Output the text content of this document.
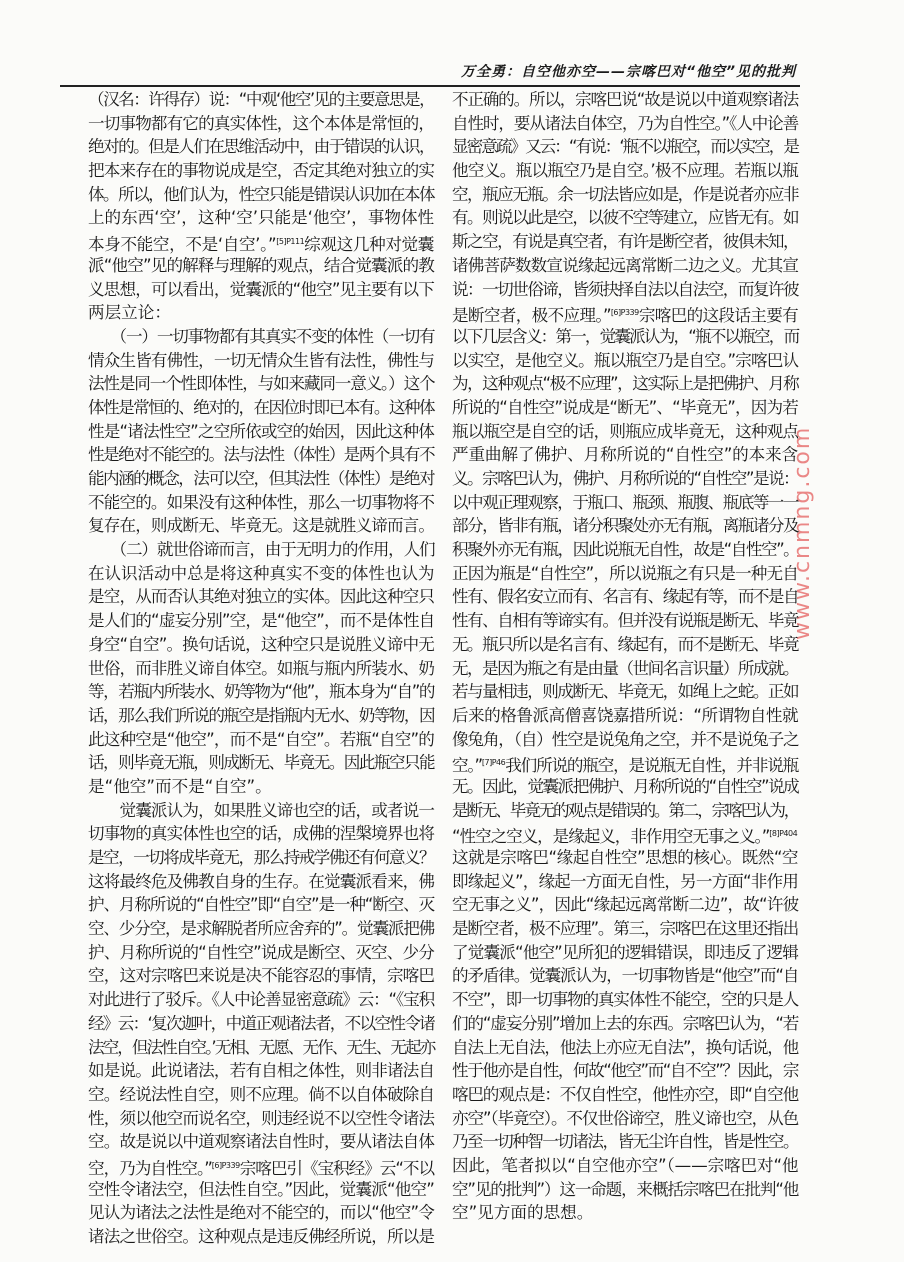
万全勇：自空他亦空——宗喀巴对“他空”见的批判
www.cnmng.com
（汉名：许得存）说：“中观‘他空’见的主要意思是，
一切事物都有它的真实体性，这个本体是常恒的，
绝对的。但是人们在思维活动中，由于错误的认识，
把本来存在的事物说成是空，否定其绝对独立的实
体。所以，他们认为，性空只能是错误认识加在本体
上的东西‘空’，这种‘空’只能是‘他空’，事物体性
本身不能空，不是‘自空’。”$^{[5]P111}$综观这几种对觉囊
派“他空”见的解释与理解的观点，结合觉囊派的教
义思想，可以看出，觉囊派的“他空”见主要有以下
两层立论：
　　（一）一切事物都有其真实不变的体性（一切有
情众生皆有佛性，一切无情众生皆有法性，佛性与
法性是同一个性即体性，与如来藏同一意义。）这个
体性是常恒的、绝对的，在因位时即已本有。这种体
性是“诸法性空”之空所依或空的始因，因此这种体
性是绝对不能空的。法与法性（体性）是两个具有不
能内涵的概念，法可以空，但其法性（体性）是绝对
不能空的。如果没有这种体性，那么一切事物将不
复存在，则成断无、毕竟无。这是就胜义谛而言。
　　（二）就世俗谛而言，由于无明力的作用，人们
在认识活动中总是将这种真实不变的体性也认为
是空，从而否认其绝对独立的实体。因此这种空只
是人们的“虚妄分别”空，是“他空”，而不是体性自
身空“自空”。换句话说，这种空只是说胜义谛中无
世俗，而非胜义谛自体空。如瓶与瓶内所装水、奶
等，若瓶内所装水、奶等物为“他”，瓶本身为“自”的
话，那么我们所说的瓶空是指瓶内无水、奶等物，因
此这种空是“他空”，而不是“自空”。若瓶“自空”的
话，则毕竟无瓶，则成断无、毕竟无。因此瓶空只能
是“他空”而不是“自空”。
　　觉囊派认为，如果胜义谛也空的话，或者说一
切事物的真实体性也空的话，成佛的涅槃境界也将
是空，一切将成毕竟无，那么持戒学佛还有何意义？
这将最终危及佛教自身的生存。在觉囊派看来，佛
护、月称所说的“自性空”即“自空”是一种“断空、灭
空、少分空，是求解脱者所应舍弃的”。觉囊派把佛
护、月称所说的“自性空”说成是断空、灭空、少分
空，这对宗喀巴来说是决不能容忍的事情，宗喀巴
对此进行了驳斥。《人中论善显密意疏》云：“《宝积
经》云：‘复次迦叶，中道正观诸法者，不以空性令诸
法空，但法性自空。’无相、无愿、无作、无生、无起亦
如是说。此说诸法，若有自相之体性，则非诸法自
空。经说法性自空，则不应理。倘不以自体破除自
性，须以他空而说名空，则违经说不以空性令诸法
空。故是说以中道观察诸法自性时，要从诸法自体
空，乃为自性空。”$^{[6]P339}$宗喀巴引《宝积经》云“不以
空性令诸法空，但法性自空。”因此，觉囊派“他空”
见认为诸法之法性是绝对不能空的，而以“他空”令
诸法之世俗空。这种观点是违反佛经所说，所以是
不正确的。所以，宗喀巴说“故是说以中道观察诸法
自性时，要从诸法自体空，乃为自性空。”《人中论善
显密意疏》又云：“有说：‘瓶不以瓶空，而以实空，是
他空义。瓶以瓶空乃是自空。’极不应理。若瓶以瓶
空，瓶应无瓶。余一切法皆应如是，作是说者亦应非
有。则说以此是空，以彼不空等建立，应皆无有。如
斯之空，有说是真空者，有许是断空者，彼俱未知，
诸佛菩萨数数宣说缘起远离常断二边之义。尤其宣
说：一切世俗谛，皆须抉择自法以自法空，而复许彼
是断空者，极不应理。”$^{[6]P339}$宗喀巴的这段话主要有
以下几层含义：第一，觉囊派认为，“瓶不以瓶空，而
以实空，是他空义。瓶以瓶空乃是自空。”宗喀巴认
为，这种观点“极不应理”，这实际上是把佛护、月称
所说的“自性空”说成是“断无”、“毕竟无”，因为若
瓶以瓶空是自空的话，则瓶应成毕竟无，这种观点
严重曲解了佛护、月称所说的“自性空”的本来含
义。宗喀巴认为，佛护、月称所说的“自性空”是说：
以中观正理观察，于瓶口、瓶颈、瓶腹、瓶底等一一
部分，皆非有瓶，诸分积聚处亦无有瓶，离瓶诸分及
积聚外亦无有瓶，因此说瓶无自性，故是“自性空”。
正因为瓶是“自性空”，所以说瓶之有只是一种无自
性有、假名安立而有、名言有、缘起有等，而不是自
性有、自相有等谛实有。但并没有说瓶是断无、毕竟
无。瓶只所以是名言有、缘起有，而不是断无、毕竟
无，是因为瓶之有是由量（世间名言识量）所成就。
若与量相违，则成断无、毕竟无，如绳上之蛇。正如
后来的格鲁派高僧喜饶嘉措所说：“所谓物自性就
像兔角，（自）性空是说兔角之空，并不是说兔子之
空。”$^{[7]P46}$我们所说的瓶空，是说瓶无自性，并非说瓶
无。因此，觉囊派把佛护、月称所说的“自性空”说成
是断无、毕竟无的观点是错误的。第二，宗喀巴认为，
“性空之空义，是缘起义，非作用空无事之义。”$^{[8]P404}$
这就是宗喀巴“缘起自性空”思想的核心。既然“空
即缘起义”，缘起一方面无自性，另一方面“非作用
空无事之义”，因此“缘起远离常断二边”，故“许彼
是断空者，极不应理”。第三，宗喀巴在这里还指出
了觉囊派“他空”见所犯的逻辑错误，即违反了逻辑
的矛盾律。觉囊派认为，一切事物皆是“他空”而“自
不空”，即一切事物的真实体性不能空，空的只是人
们的“虚妄分别”增加上去的东西。宗喀巴认为，“若
自法上无自法，他法上亦应无自法”，换句话说，他
性于他亦是自性，何故“他空”而“自不空”？因此，宗
喀巴的观点是：不仅自性空，他性亦空，即“自空他
亦空”（毕竟空）。不仅世俗谛空，胜义谛也空，从色
乃至一切种智一切诸法，皆无尘许自性，皆是性空。
因此，笔者拟以“自空他亦空”（——宗喀巴对“他
空”见的批判”）这一命题，来概括宗喀巴在批判“他
空”见方面的思想。
